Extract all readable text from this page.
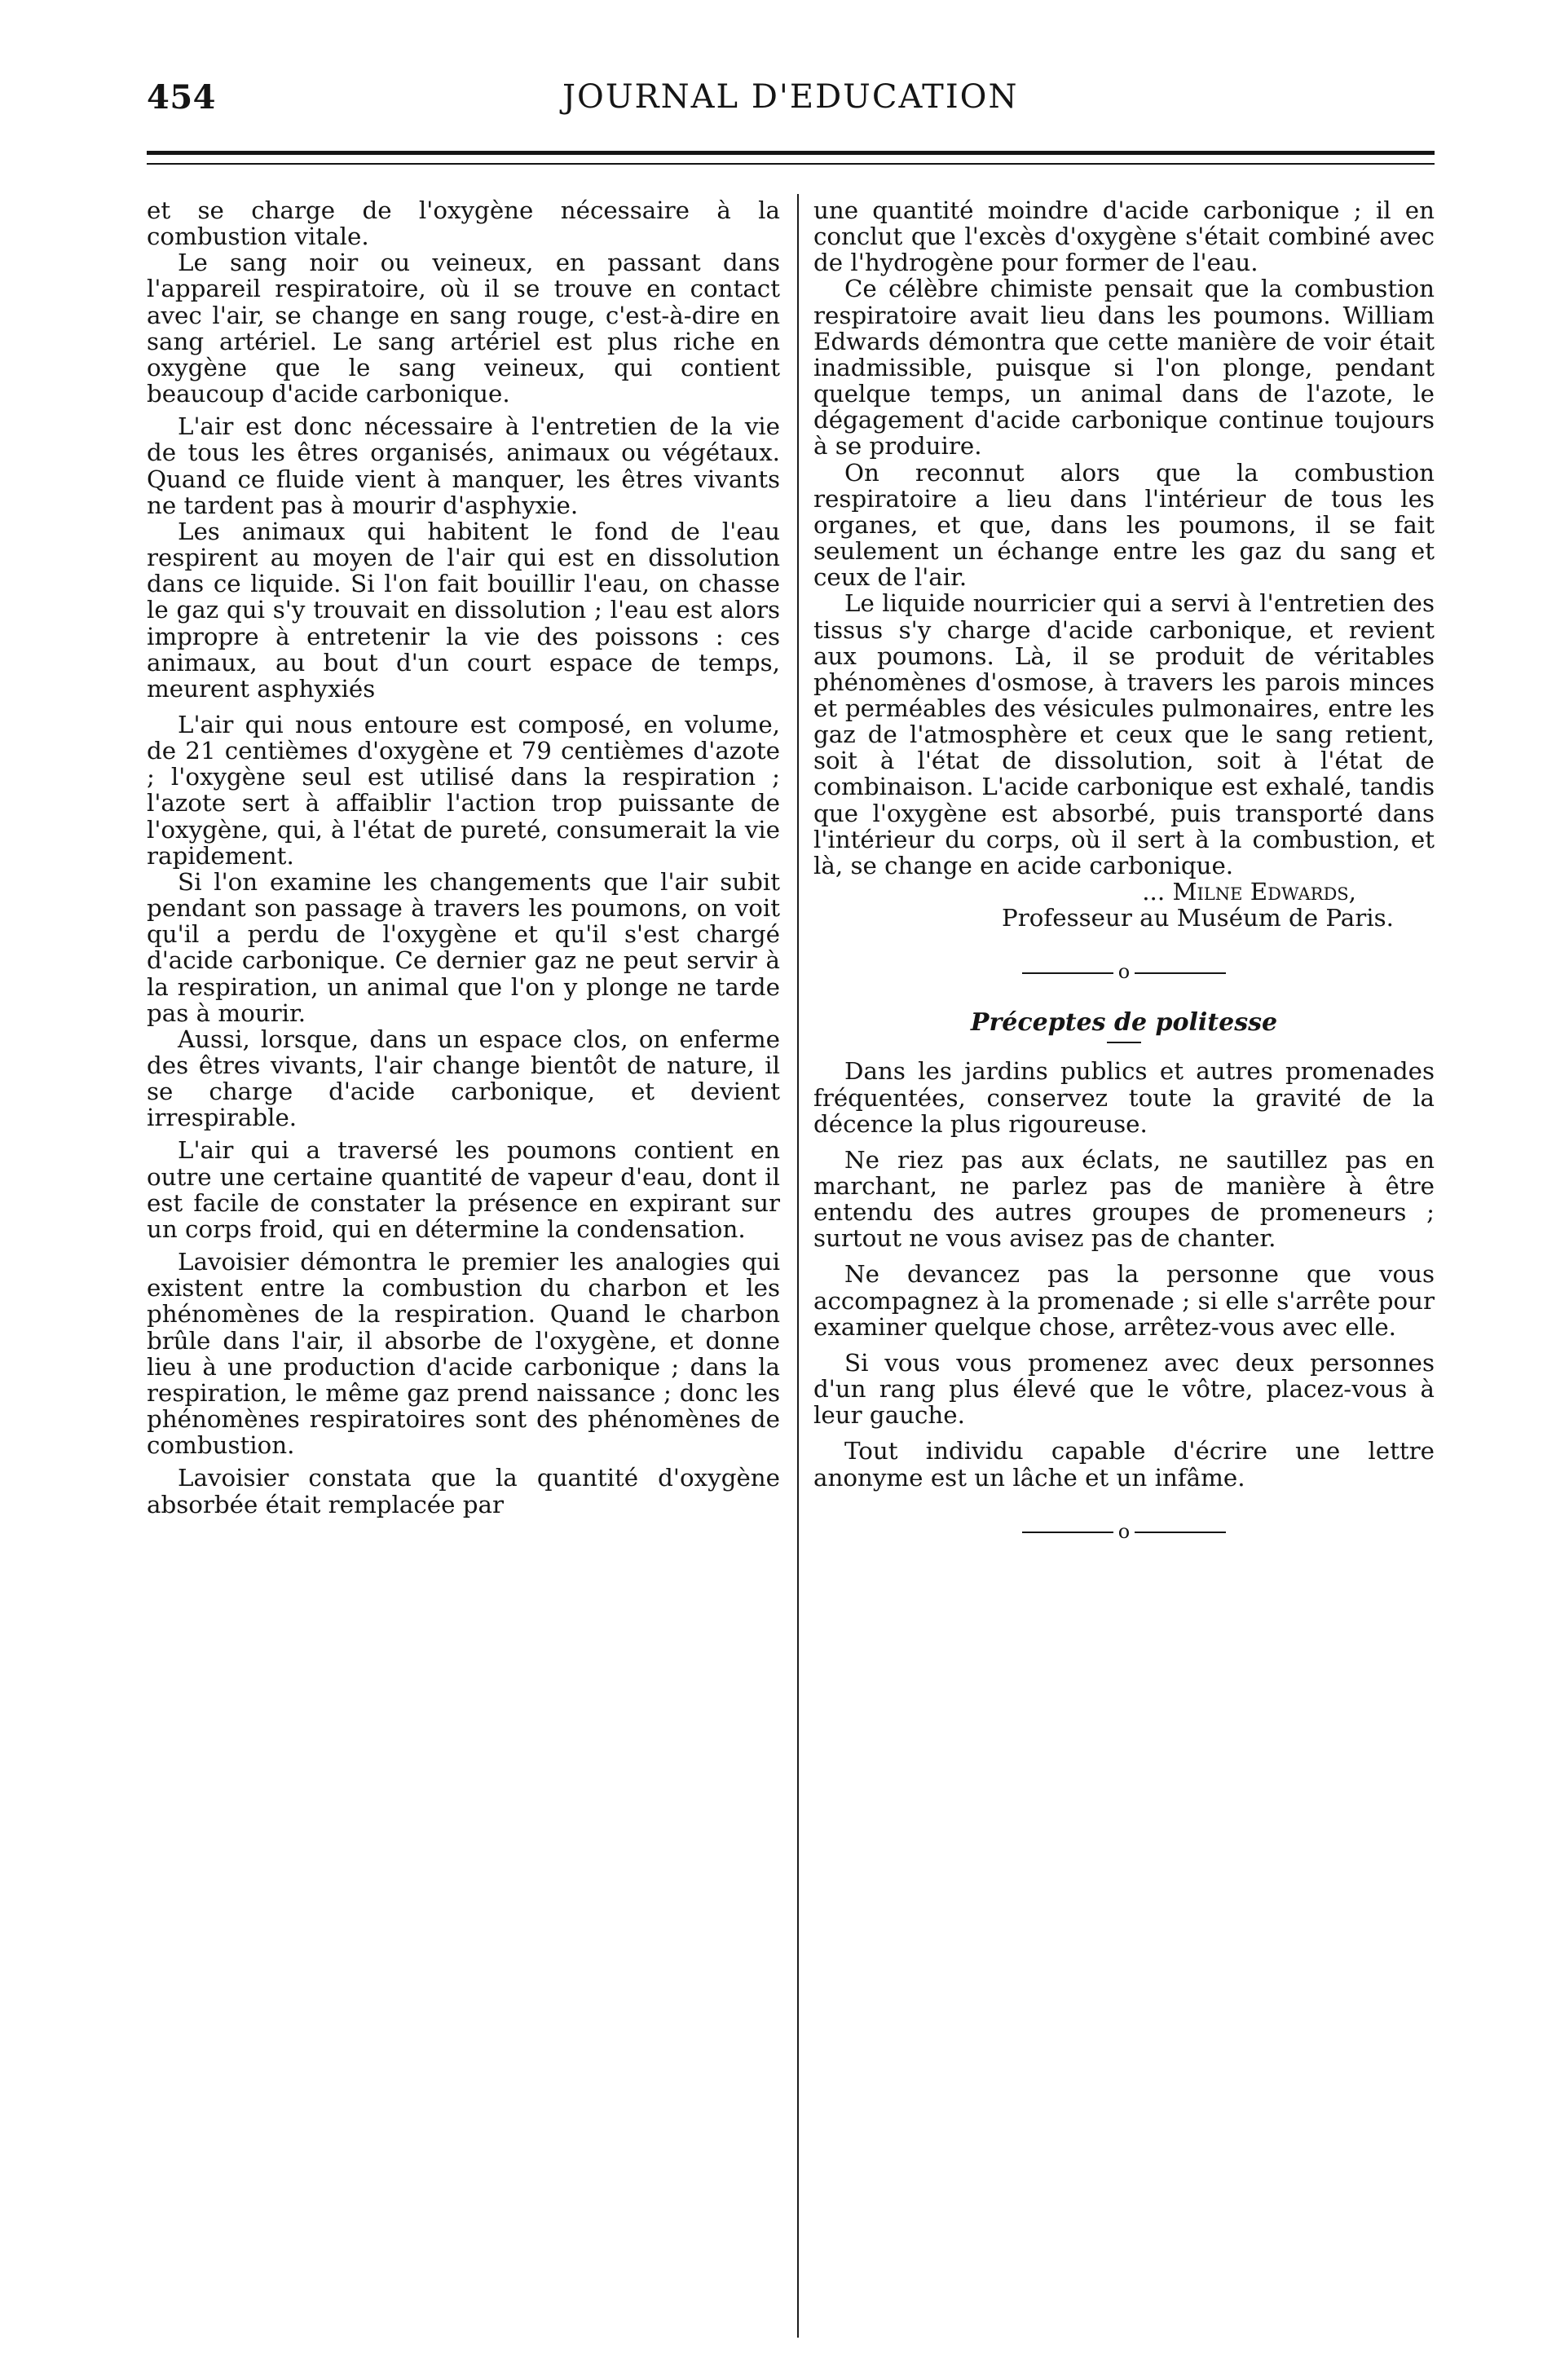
454	JOURNAL D'EDUCATION

et se charge de l'oxygène nécessaire à la combustion vitale.

Le sang noir ou veineux, en passant dans l'appareil respiratoire, où il se trouve en contact avec l'air, se change en sang rouge, c'est-à-dire en sang artériel. Le sang artériel est plus riche en oxygène que le sang veineux, qui contient beaucoup d'acide carbonique.

L'air est donc nécessaire à l'entretien de la vie de tous les êtres organisés, animaux ou végétaux. Quand ce fluide vient à manquer, les êtres vivants ne tardent pas à mourir d'asphyxie.

Les animaux qui habitent le fond de l'eau respirent au moyen de l'air qui est en dissolution dans ce liquide. Si l'on fait bouillir l'eau, on chasse le gaz qui s'y trouvait en dissolution ; l'eau est alors impropre à entretenir la vie des poissons : ces animaux, au bout d'un court espace de temps, meurent asphyxiés

L'air qui nous entoure est composé, en volume, de 21 centièmes d'oxygène et 79 centièmes d'azote ; l'oxygène seul est utilisé dans la respiration ; l'azote sert à affaiblir l'action trop puissante de l'oxygène, qui, à l'état de pureté, consumerait la vie rapidement.

Si l'on examine les changements que l'air subit pendant son passage à travers les poumons, on voit qu'il a perdu de l'oxygène et qu'il s'est chargé d'acide carbonique. Ce dernier gaz ne peut servir à la respiration, un animal que l'on y plonge ne tarde pas à mourir.

Aussi, lorsque, dans un espace clos, on enferme des êtres vivants, l'air change bientôt de nature, il se charge d'acide carbonique, et devient irrespirable.

L'air qui a traversé les poumons contient en outre une certaine quantité de vapeur d'eau, dont il est facile de constater la présence en expirant sur un corps froid, qui en détermine la condensation.

Lavoisier démontra le premier les analogies qui existent entre la combustion du charbon et les phénomènes de la respiration. Quand le charbon brûle dans l'air, il absorbe de l'oxygène, et donne lieu à une production d'acide carbonique ; dans la respiration, le même gaz prend naissance ; donc les phénomènes respiratoires sont des phénomènes de combustion.

Lavoisier constata que la quantité d'oxygène absorbée était remplacée par

une quantité moindre d'acide carbonique ; il en conclut que l'excès d'oxygène s'était combiné avec de l'hydrogène pour former de l'eau.

Ce célèbre chimiste pensait que la combustion respiratoire avait lieu dans les poumons. William Edwards démontra que cette manière de voir était inadmissible, puisque si l'on plonge, pendant quelque temps, un animal dans de l'azote, le dégagement d'acide carbonique continue toujours à se produire.

On reconnut alors que la combustion respiratoire a lieu dans l'intérieur de tous les organes, et que, dans les poumons, il se fait seulement un échange entre les gaz du sang et ceux de l'air.

Le liquide nourricier qui a servi à l'entretien des tissus s'y charge d'acide carbonique, et revient aux poumons. Là, il se produit de véritables phénomènes d'osmose, à travers les parois minces et perméables des vésicules pulmonaires, entre les gaz de l'atmosphère et ceux que le sang retient, soit à l'état de dissolution, soit à l'état de combinaison. L'acide carbonique est exhalé, tandis que l'oxygène est absorbé, puis transporté dans l'intérieur du corps, où il sert à la combustion, et là, se change en acide carbonique.

... Milne Edwards,

Professeur au Muséum de Paris.

o
Préceptes de politesse

Dans les jardins publics et autres promenades fréquentées, conservez toute la gravité de la décence la plus rigoureuse.

Ne riez pas aux éclats, ne sautillez pas en marchant, ne parlez pas de manière à être entendu des autres groupes de promeneurs ; surtout ne vous avisez pas de chanter.

Ne devancez pas la personne que vous accompagnez à la promenade ; si elle s'arrête pour examiner quelque chose, arrêtez-vous avec elle.

Si vous vous promenez avec deux personnes d'un rang plus élevé que le vôtre, placez-vous à leur gauche.

Tout individu capable d'écrire une lettre anonyme est un lâche et un infâme.

o
